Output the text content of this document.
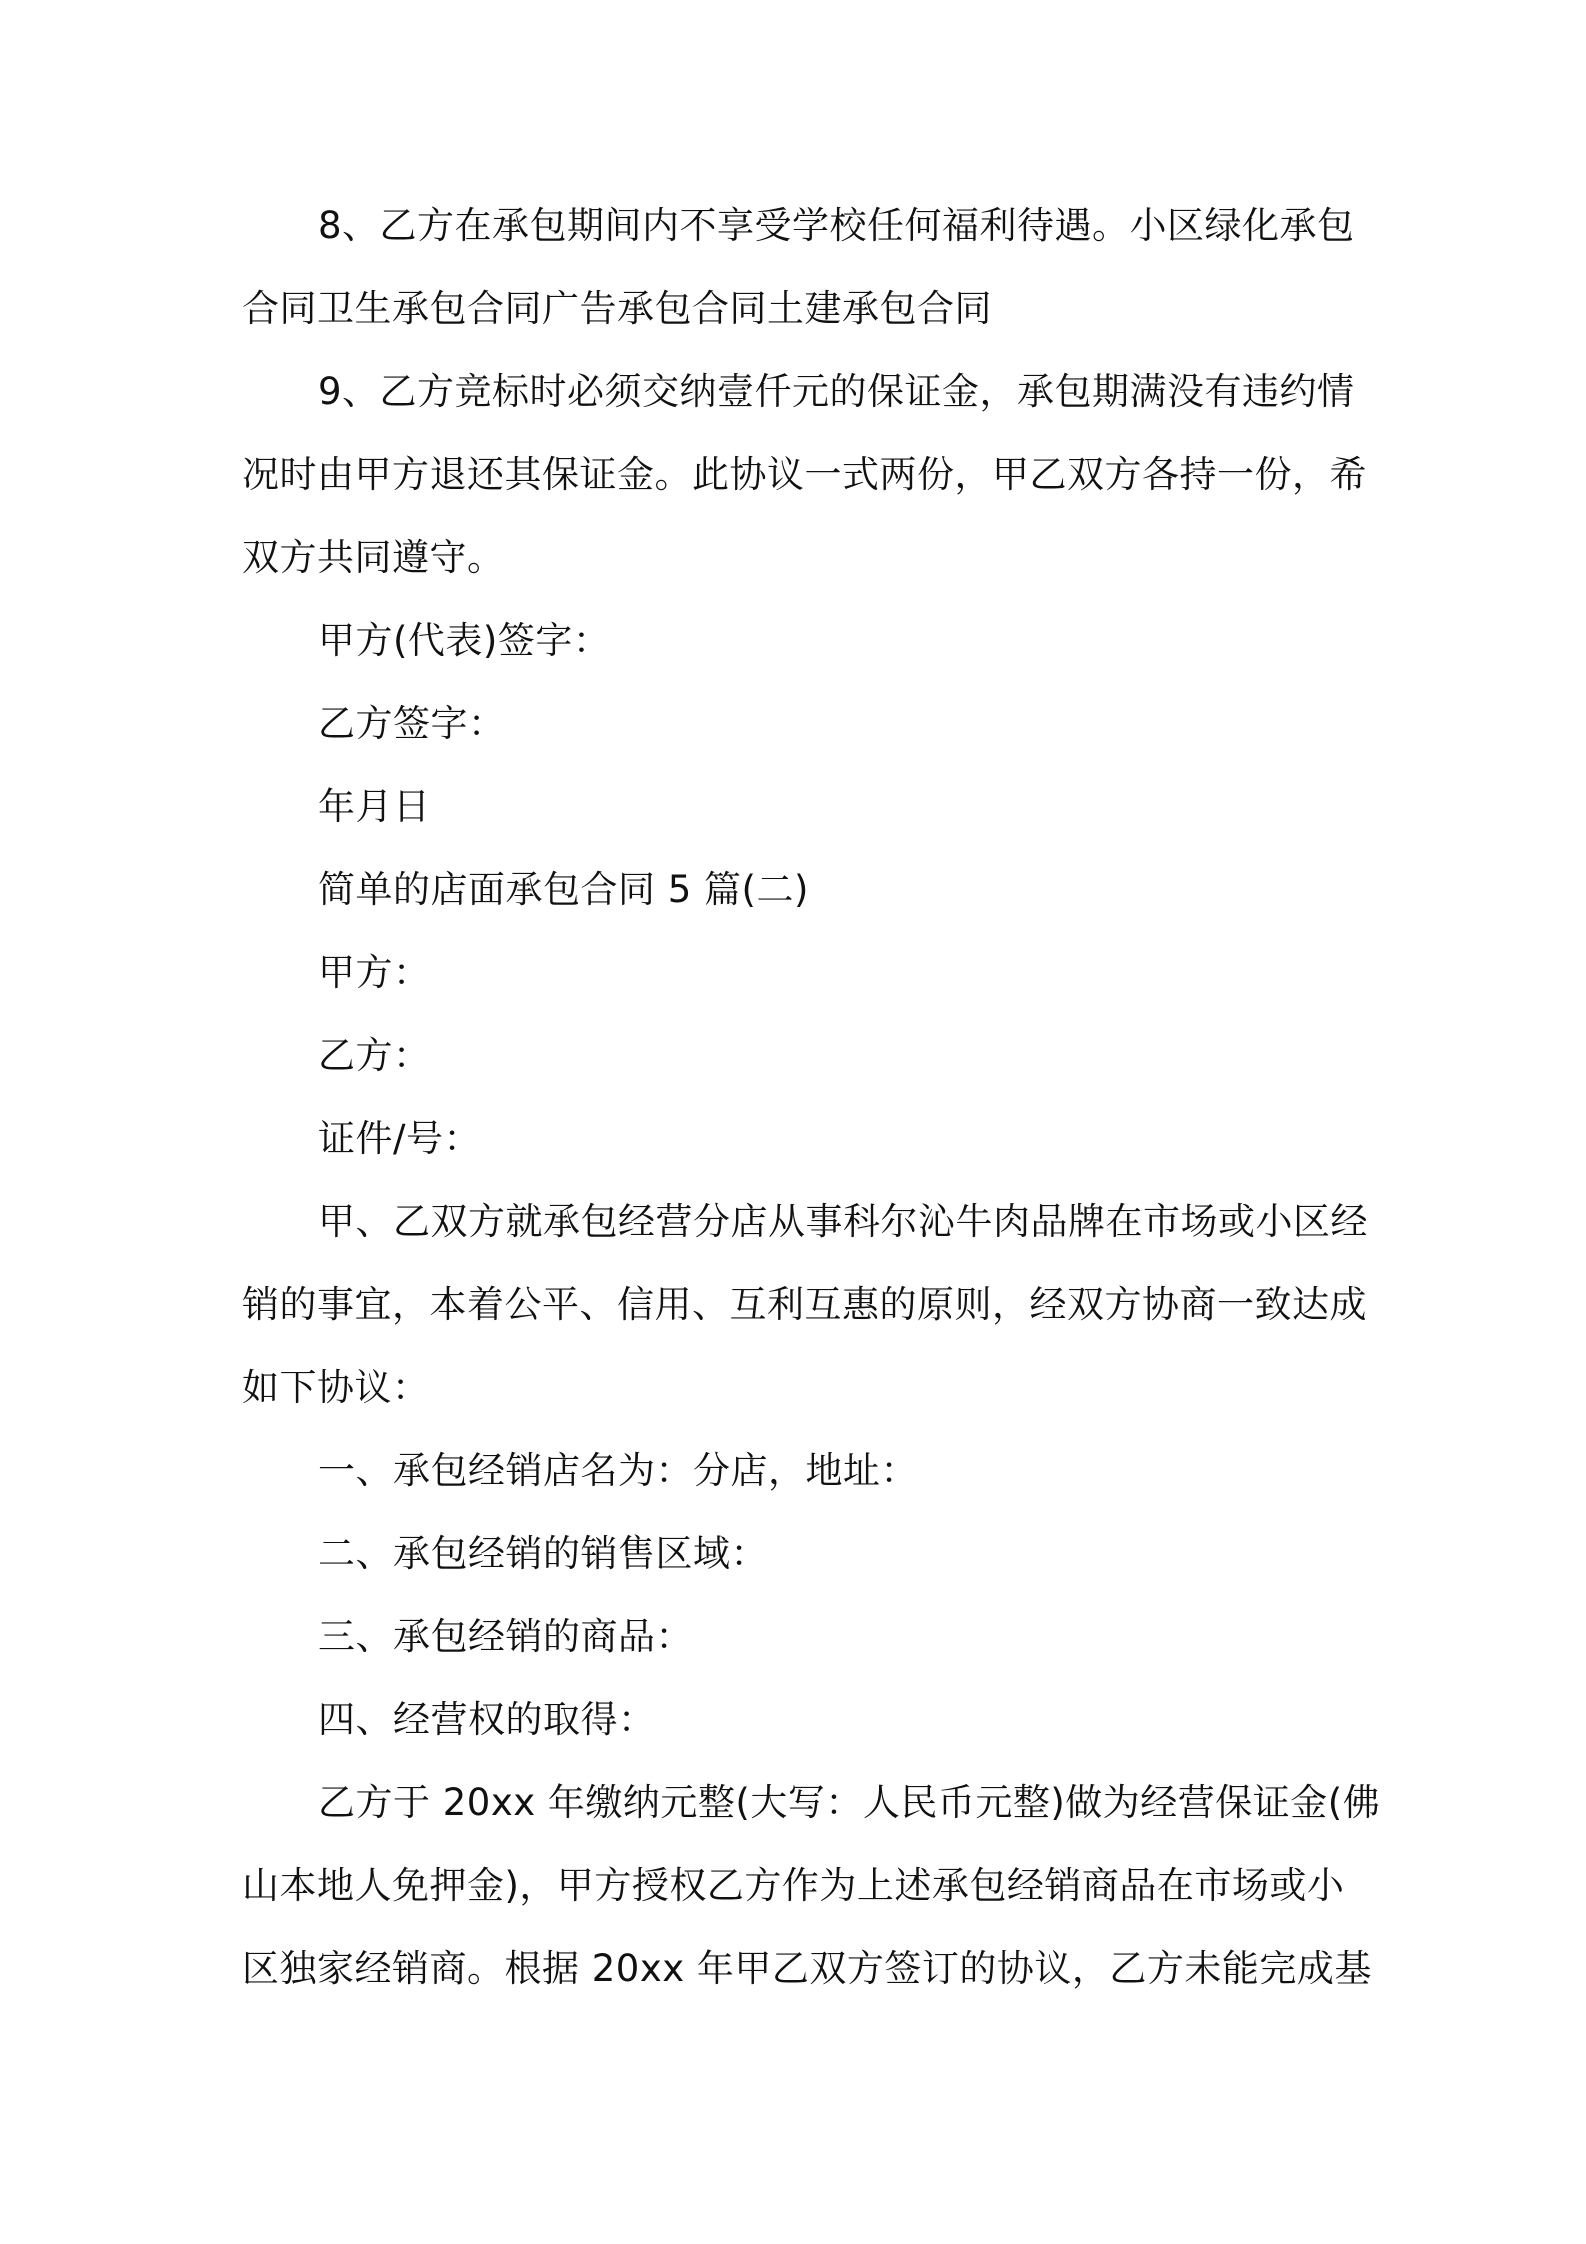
8、乙方在承包期间内不享受学校任何福利待遇。小区绿化承包
合同卫生承包合同广告承包合同土建承包合同
9、乙方竞标时必须交纳壹仟元的保证金，承包期满没有违约情
况时由甲方退还其保证金。此协议一式两份，甲乙双方各持一份，希
双方共同遵守。
甲方(代表)签字：
乙方签字：
年月日
简单的店面承包合同 5 篇(二)
甲方：
乙方：
证件/号：
甲、乙双方就承包经营分店从事科尔沁牛肉品牌在市场或小区经
销的事宜，本着公平、信用、互利互惠的原则，经双方协商一致达成
如下协议：
一、承包经销店名为：分店，地址：
二、承包经销的销售区域：
三、承包经销的商品：
四、经营权的取得：
乙方于 20xx 年缴纳元整(大写：人民币元整)做为经营保证金(佛
山本地人免押金)，甲方授权乙方作为上述承包经销商品在市场或小
区独家经销商。根据 20xx 年甲乙双方签订的协议，乙方未能完成基
